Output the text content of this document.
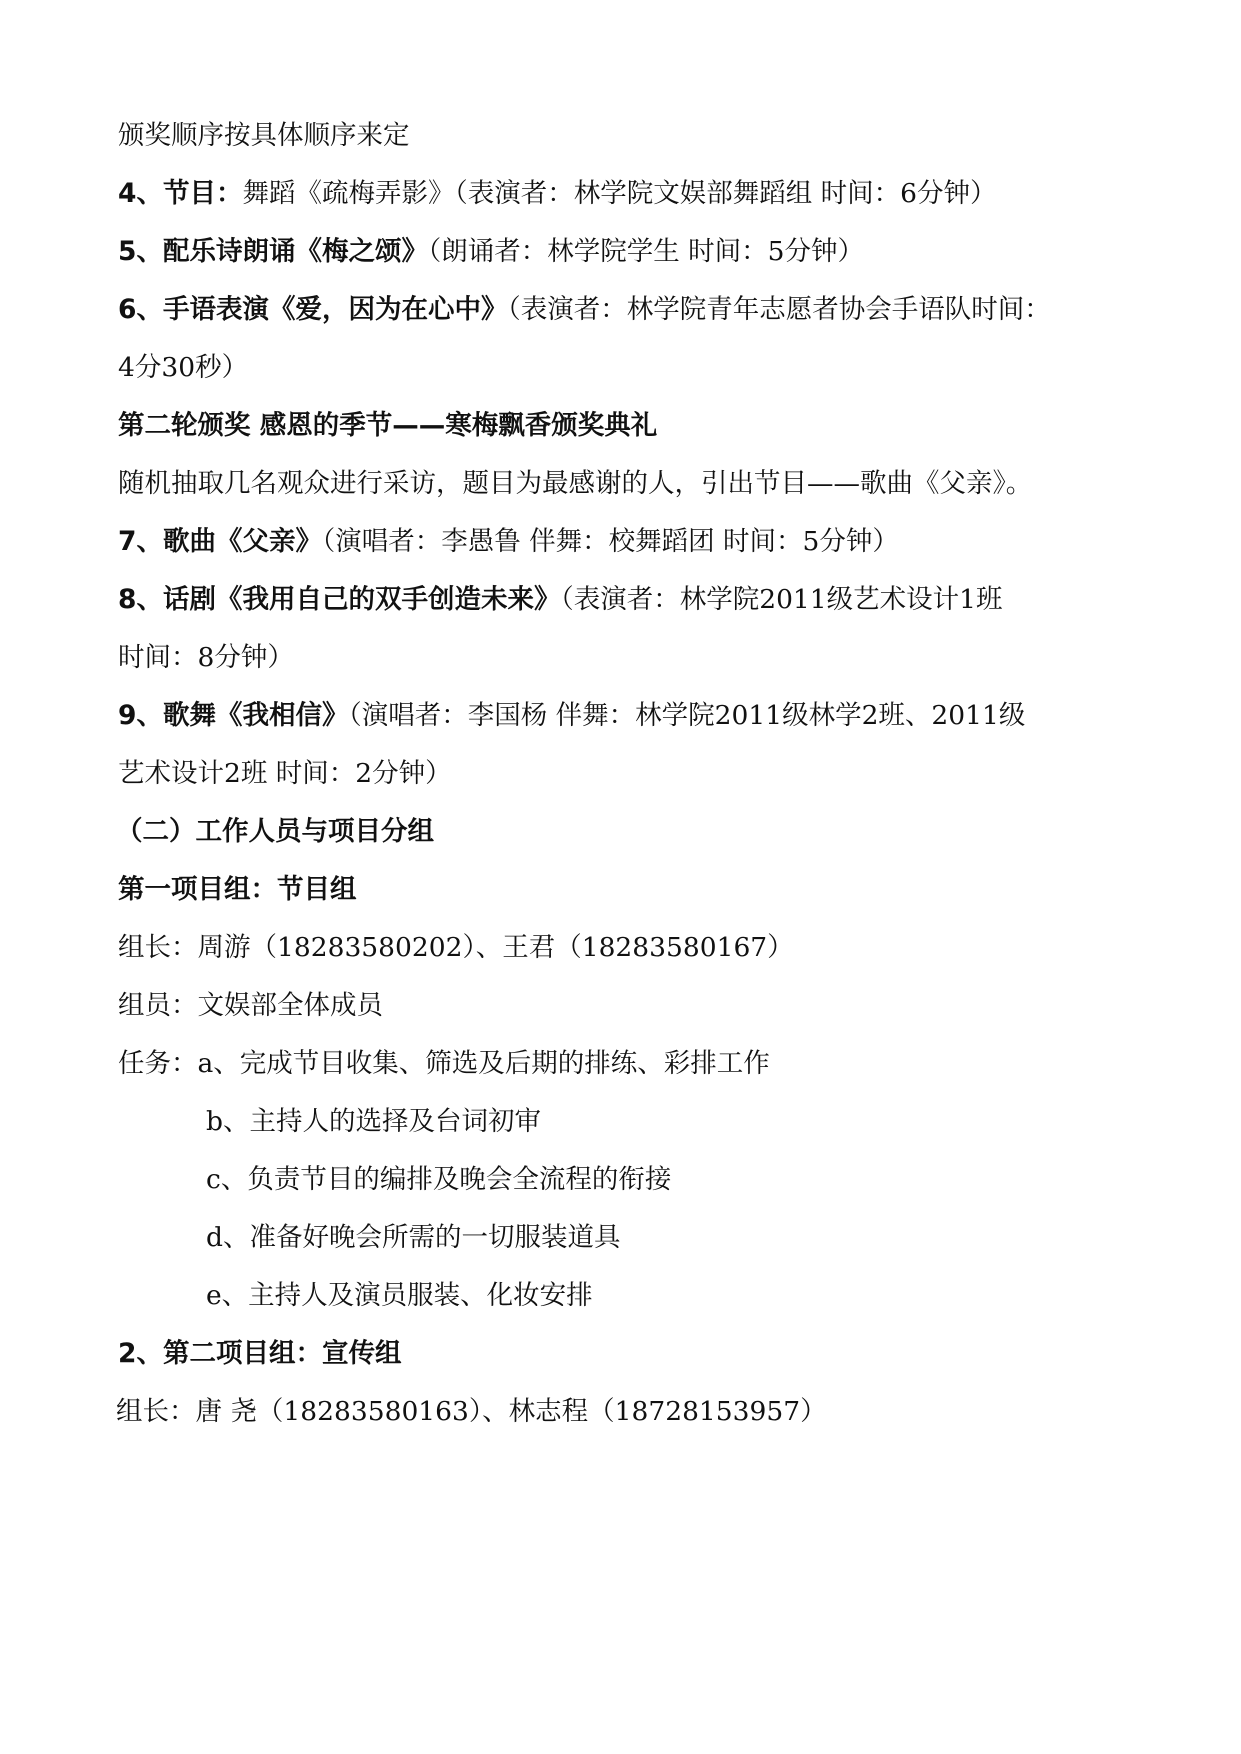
颁奖顺序按具体顺序来定
4、节目：舞蹈《疏梅弄影》（表演者：林学院文娱部舞蹈组 时间：6分钟）
5、配乐诗朗诵《梅之颂》（朗诵者：林学院学生 时间：5分钟）
6、手语表演《爱，因为在心中》（表演者：林学院青年志愿者协会手语队时间：
4分30秒）
第二轮颁奖 感恩的季节——寒梅飘香颁奖典礼
随机抽取几名观众进行采访，题目为最感谢的人，引出节目——歌曲《父亲》。
7、歌曲《父亲》（演唱者：李愚鲁 伴舞：校舞蹈团 时间：5分钟）
8、话剧《我用自己的双手创造未来》（表演者：林学院2011级艺术设计1班
时间：8分钟）
9、歌舞《我相信》（演唱者：李国杨 伴舞：林学院2011级林学2班、2011级
艺术设计2班 时间：2分钟）
（二）工作人员与项目分组
第一项目组：节目组
组长：周游（18283580202）、王君（18283580167）
组员：文娱部全体成员
任务：a、完成节目收集、筛选及后期的排练、彩排工作
b、主持人的选择及台词初审
c、负责节目的编排及晚会全流程的衔接
d、准备好晚会所需的一切服装道具
e、主持人及演员服装、化妆安排
2、第二项目组：宣传组
组长：唐 尧（18283580163）、林志程（18728153957）
